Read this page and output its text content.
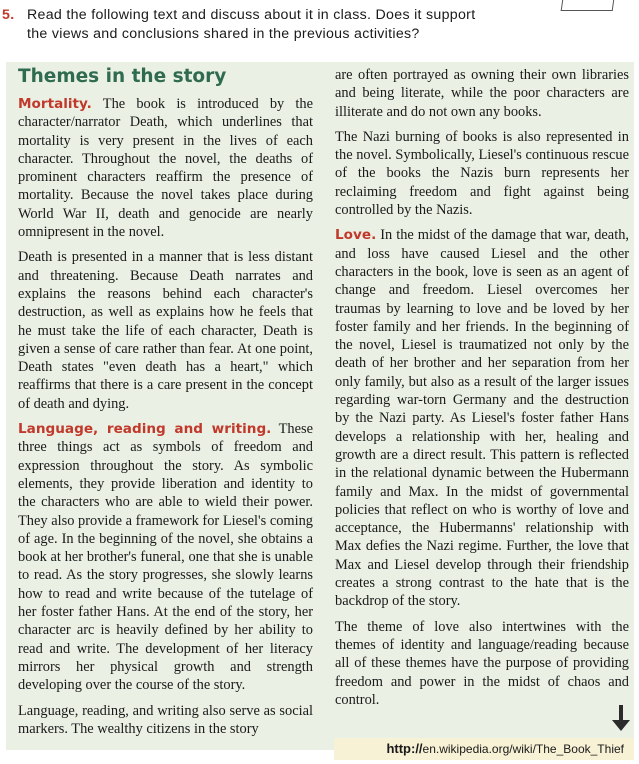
5. Read the following text and discuss about it in class. Does it support
the views and conclusions shared in the previous activities?
Themes in the story

Mortality. The book is introduced by the character/narrator Death, which underlines that mortality is very present in the lives of each character. Throughout the novel, the deaths of prominent characters reaffirm the presence of mortality. Because the novel takes place during World War II, death and genocide are nearly omnipresent in the novel.

Death is presented in a manner that is less distant and threatening. Because Death narrates and explains the reasons behind each character's destruction, as well as explains how he feels that he must take the life of each character, Death is given a sense of care rather than fear. At one point, Death states "even death has a heart," which reaffirms that there is a care present in the concept of death and dying.

Language, reading and writing. These three things act as symbols of freedom and expression throughout the story. As symbolic elements, they provide liberation and identity to the characters who are able to wield their power. They also provide a framework for Liesel's coming of age. In the beginning of the novel, she obtains a book at her brother's funeral, one that she is unable to read. As the story progresses, she slowly learns how to read and write because of the tutelage of her foster father Hans. At the end of the story, her character arc is heavily defined by her ability to read and write. The development of her literacy mirrors her physical growth and strength developing over the course of the story.

Language, reading, and writing also serve as social markers. The wealthy citizens in the story

are often portrayed as owning their own libraries and being literate, while the poor characters are illiterate and do not own any books.

The Nazi burning of books is also represented in the novel. Symbolically, Liesel's continuous rescue of the books the Nazis burn represents her reclaiming freedom and fight against being controlled by the Nazis.

Love. In the midst of the damage that war, death, and loss have caused Liesel and the other characters in the book, love is seen as an agent of change and freedom. Liesel overcomes her traumas by learning to love and be loved by her foster family and her friends. In the beginning of the novel, Liesel is traumatized not only by the death of her brother and her separation from her only family, but also as a result of the larger issues regarding war-torn Germany and the destruction by the Nazi party. As Liesel's foster father Hans develops a relationship with her, healing and growth are a direct result. This pattern is reflected in the relational dynamic between the Hubermann family and Max. In the midst of governmental policies that reflect on who is worthy of love and acceptance, the Hubermanns' relationship with Max defies the Nazi regime. Further, the love that Max and Liesel develop through their friendship creates a strong contrast to the hate that is the backdrop of the story.

The theme of love also intertwines with the themes of identity and language/reading because all of these themes have the purpose of providing freedom and power in the midst of chaos and control.

http://en.wikipedia.org/wiki/The_Book_Thief
